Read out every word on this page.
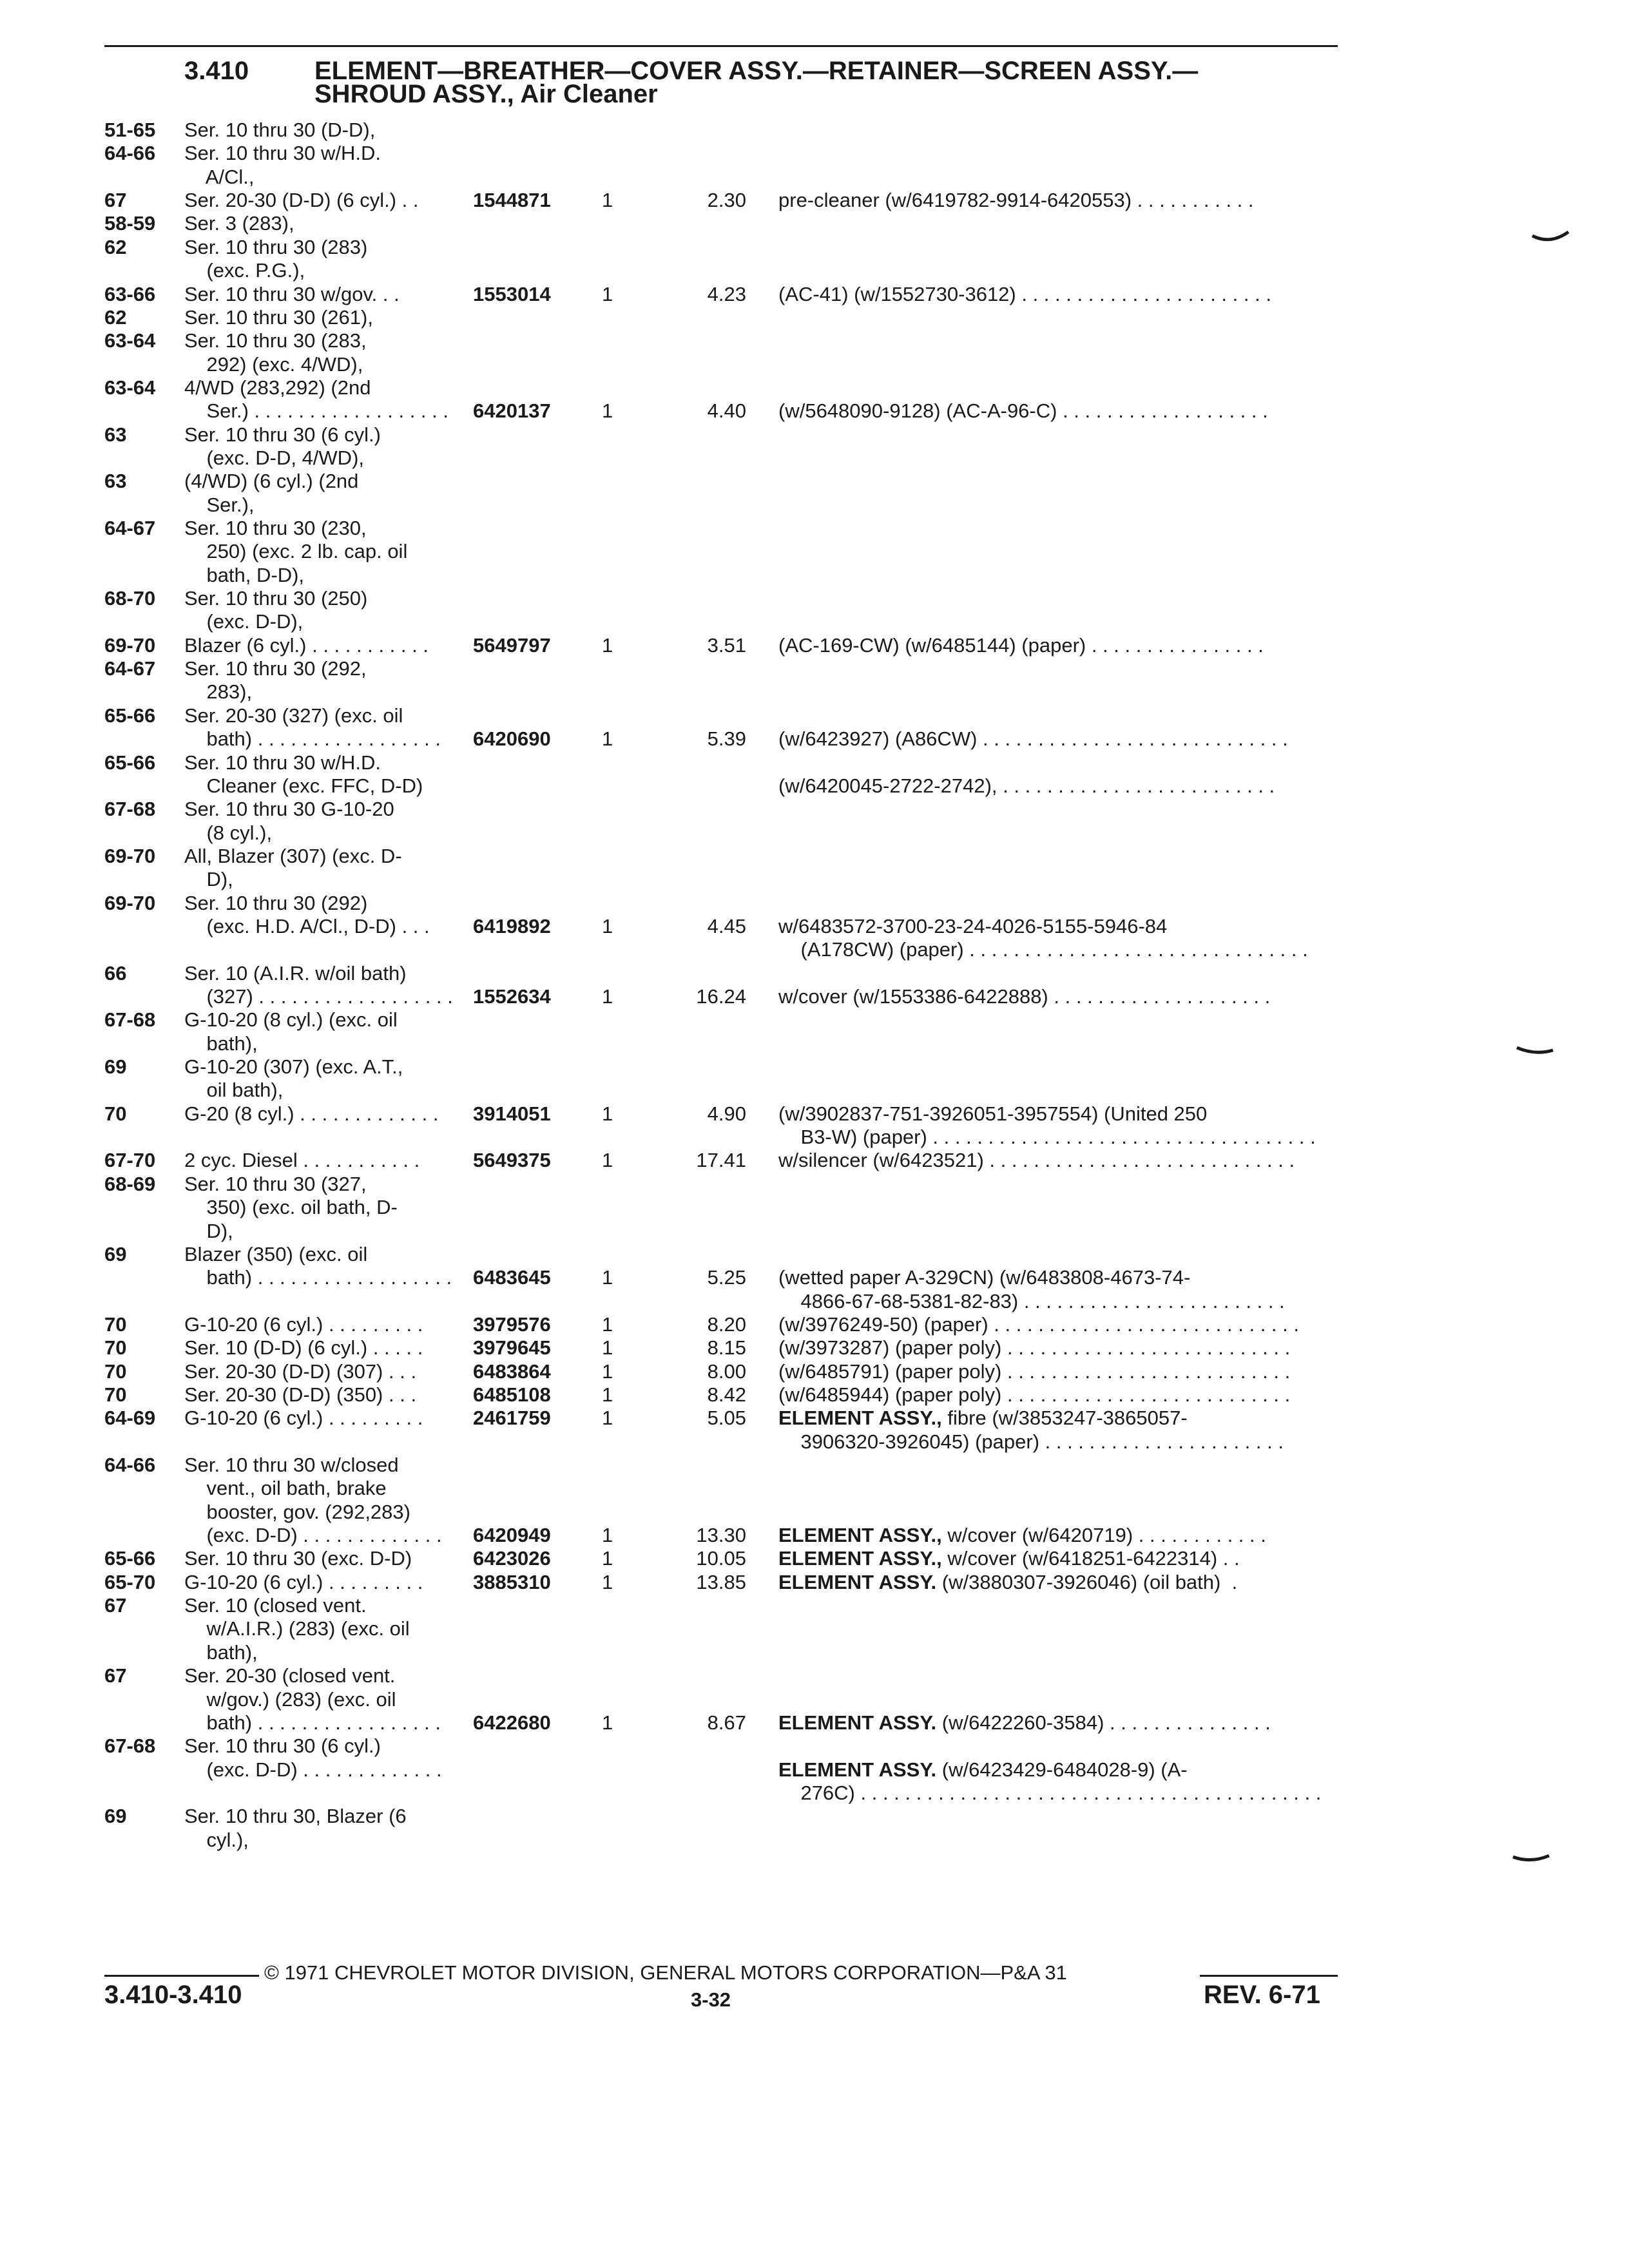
3.410	ELEMENT—BREATHER—COVER ASSY.—RETAINER—SCREEN ASSY.—
SHROUD ASSY., Air Cleaner
51-65 Ser. 10 thru 30 (D-D),
64-66 Ser. 10 thru 30 w/H.D.
A/Cl.,
67	Ser. 20-30 (D-D) (6 cyl.) . .	1544871	1	2.30 pre-cleaner (w/6419782-9914-6420553) . . . . . . . . . . .
58-59 Ser. 3 (283),
62	Ser. 10 thru 30 (283)
(exc. P.G.),
63-66 Ser. 10 thru 30 w/gov. . .	1553014	1	4.23 (AC-41) (w/1552730-3612) . . . . . . . . . . . . . . . . . . . . . . .
62	Ser. 10 thru 30 (261),
63-64 Ser. 10 thru 30 (283,
292) (exc. 4/WD),
63-64 4/WD (283,292) (2nd
Ser.) . . . . . . . . . . . . . . . . . . 6420137	1	4.40 (w/5648090-9128) (AC-A-96-C) . . . . . . . . . . . . . . . . . . .
63	Ser. 10 thru 30 (6 cyl.)
(exc. D-D, 4/WD),
63	(4/WD) (6 cyl.) (2nd
Ser.),
64-67 Ser. 10 thru 30 (230,
250) (exc. 2 lb. cap. oil
bath, D-D),
68-70 Ser. 10 thru 30 (250)
(exc. D-D),
69-70 Blazer (6 cyl.) . . . . . . . . . . . 5649797	1	3.51 (AC-169-CW) (w/6485144) (paper) . . . . . . . . . . . . . . . .
64-67 Ser. 10 thru 30 (292,
283),
65-66 Ser. 20-30 (327) (exc. oil
bath) . . . . . . . . . . . . . . . . . 6420690	1	5.39 (w/6423927) (A86CW) . . . . . . . . . . . . . . . . . . . . . . . . . . . .
65-66 Ser. 10 thru 30 w/H.D.
Cleaner (exc. FFC, D-D)	(w/6420045-2722-2742), . . . . . . . . . . . . . . . . . . . . . . . . .
67-68 Ser. 10 thru 30 G-10-20
(8 cyl.),
69-70 All, Blazer (307) (exc. D-
D),
69-70 Ser. 10 thru 30 (292)
(exc. H.D. A/Cl., D-D) . . . 6419892	1	4.45 w/6483572-3700-23-24-4026-5155-5946-84
(A178CW) (paper) . . . . . . . . . . . . . . . . . . . . . . . . . . . . . . .
66	Ser. 10 (A.I.R. w/oil bath)
(327) . . . . . . . . . . . . . . . . . . 1552634	1	16.24 w/cover (w/1553386-6422888) . . . . . . . . . . . . . . . . . . . .
67-68 G-10-20 (8 cyl.) (exc. oil
bath),
69	G-10-20 (307) (exc. A.T.,
oil bath),
70	G-20 (8 cyl.) . . . . . . . . . . . . . 3914051	1	4.90 (w/3902837-751-3926051-3957554) (United 250
B3-W) (paper) . . . . . . . . . . . . . . . . . . . . . . . . . . . . . . . . . . .
67-70 2 cyc. Diesel . . . . . . . . . . .	5649375	1	17.41 w/silencer (w/6423521) . . . . . . . . . . . . . . . . . . . . . . . . . . . .
68-69 Ser. 10 thru 30 (327,
350) (exc. oil bath, D-
D),
69	Blazer (350) (exc. oil
bath) . . . . . . . . . . . . . . . . . . 6483645	1	5.25 (wetted paper A-329CN) (w/6483808-4673-74-
4866-67-68-5381-82-83) . . . . . . . . . . . . . . . . . . . . . . . .
70	G-10-20 (6 cyl.) . . . . . . . . .	3979576	1	8.20 (w/3976249-50) (paper) . . . . . . . . . . . . . . . . . . . . . . . . . . . .
70	Ser. 10 (D-D) (6 cyl.) . . . . .	3979645	1	8.15 (w/3973287) (paper poly) . . . . . . . . . . . . . . . . . . . . . . . . . .
70	Ser. 20-30 (D-D) (307) . . .	6483864	1	8.00 (w/6485791) (paper poly) . . . . . . . . . . . . . . . . . . . . . . . . . .
70	Ser. 20-30 (D-D) (350) . . .	6485108	1	8.42 (w/6485944) (paper poly) . . . . . . . . . . . . . . . . . . . . . . . . . .
64-69 G-10-20 (6 cyl.) . . . . . . . . .	2461759	1	5.05 ELEMENT ASSY., fibre (w/3853247-3865057-
3906320-3926045) (paper) . . . . . . . . . . . . . . . . . . . . . .
64-66 Ser. 10 thru 30 w/closed
vent., oil bath, brake
booster, gov. (292,283)
(exc. D-D) . . . . . . . . . . . . . 6420949	1	13.30 ELEMENT ASSY., w/cover (w/6420719) . . . . . . . . . . . .
65-66 Ser. 10 thru 30 (exc. D-D)	6423026	1	10.05 ELEMENT ASSY., w/cover (w/6418251-6422314) . .
65-70 G-10-20 (6 cyl.) . . . . . . . . .	3885310	1	13.85 ELEMENT ASSY. (w/3880307-3926046) (oil bath)  .
67	Ser. 10 (closed vent.
w/A.I.R.) (283) (exc. oil
bath),
67	Ser. 20-30 (closed vent.
w/gov.) (283) (exc. oil
bath) . . . . . . . . . . . . . . . . . 6422680	1	8.67 ELEMENT ASSY. (w/6422260-3584) . . . . . . . . . . . . . . .
67-68 Ser. 10 thru 30 (6 cyl.)
(exc. D-D) . . . . . . . . . . . . .	ELEMENT ASSY. (w/6423429-6484028-9) (A-
276C) . . . . . . . . . . . . . . . . . . . . . . . . . . . . . . . . . . . . . . . . . .
69	Ser. 10 thru 30, Blazer (6
cyl.),
© 1971 CHEVROLET MOTOR DIVISION, GENERAL MOTORS CORPORATION—P&A 31
3.410-3.410	3-32	REV. 6-71
